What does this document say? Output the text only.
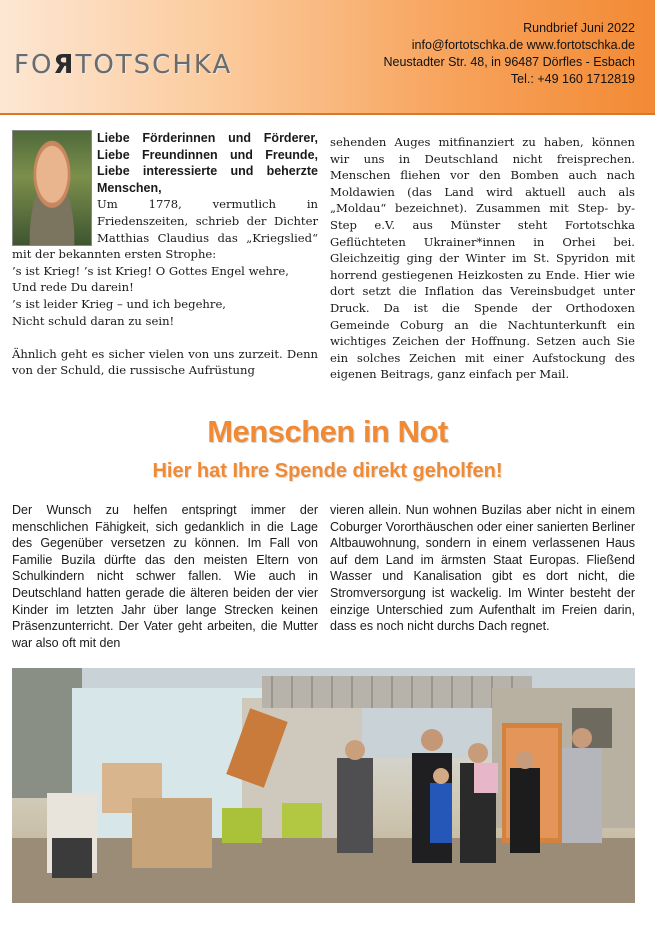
FOЯTOTSCHKA
Rundbrief Juni 2022
info@fortotschka.de www.fortotschka.de
Neustadter Str. 48, in 96487 Dörfles - Esbach
Tel.: +49 160 1712819
Liebe Förderinnen und Förderer, Liebe Freundinnen und Freunde, Liebe interessierte und beherzte Menschen,
Um 1778, vermutlich in Friedenszeiten, schrieb der Dichter Matthias Claudius das „Kriegslied“ mit der bekannten ersten Strophe:
’s ist Krieg! ’s ist Krieg! O Gottes Engel wehre,
Und rede Du darein!
’s ist leider Krieg – und ich begehre,
Nicht schuld daran zu sein!

Ähnlich geht es sicher vielen von uns zurzeit. Denn von der Schuld, die russische Aufrüstung
sehenden Auges mitfinanziert zu haben, können wir uns in Deutschland nicht freisprechen. Menschen fliehen vor den Bomben auch nach Moldawien (das Land wird aktuell auch als „Moldau“ bezeichnet). Zusammen mit Step- by- Step e.V. aus Münster steht Fortotschka Geflüchteten Ukrainer*innen in Orhei bei. Gleichzeitig ging der Winter im St. Spyridon mit horrend gestiegenen Heizkosten zu Ende. Hier wie dort setzt die Inflation das Vereinsbudget unter Druck. Da ist die Spende der Orthodoxen Gemeinde Coburg an die Nachtunterkunft ein wichtiges Zeichen der Hoffnung. Setzen auch Sie ein solches Zeichen mit einer Aufstockung des eigenen Beitrags, ganz einfach per Mail.
Menschen in Not
Hier hat Ihre Spende direkt geholfen!
Der Wunsch zu helfen entspringt immer der menschlichen Fähigkeit, sich gedanklich in die Lage des Gegenüber versetzen zu können. Im Fall von Familie Buzila dürfte das den meisten Eltern von Schulkindern nicht schwer fallen. Wie auch in Deutschland hatten gerade die älteren beiden der vier Kinder im letzten Jahr über lange Strecken keinen Präsenzunterricht. Der Vater geht arbeiten, die Mutter war also oft mit den
vieren allein. Nun wohnen Buzilas aber nicht in einem Coburger Vororthäuschen oder einer sanierten Berliner Altbauwohnung, sondern in einem verlassenen Haus auf dem Land im ärmsten Staat Europas. Fließend Wasser und Kanalisation gibt es dort nicht, die Stromversorgung ist wackelig. Im Winter besteht der einzige Unterschied zum Aufenthalt im Freien darin, dass es noch nicht durchs Dach regnet.
